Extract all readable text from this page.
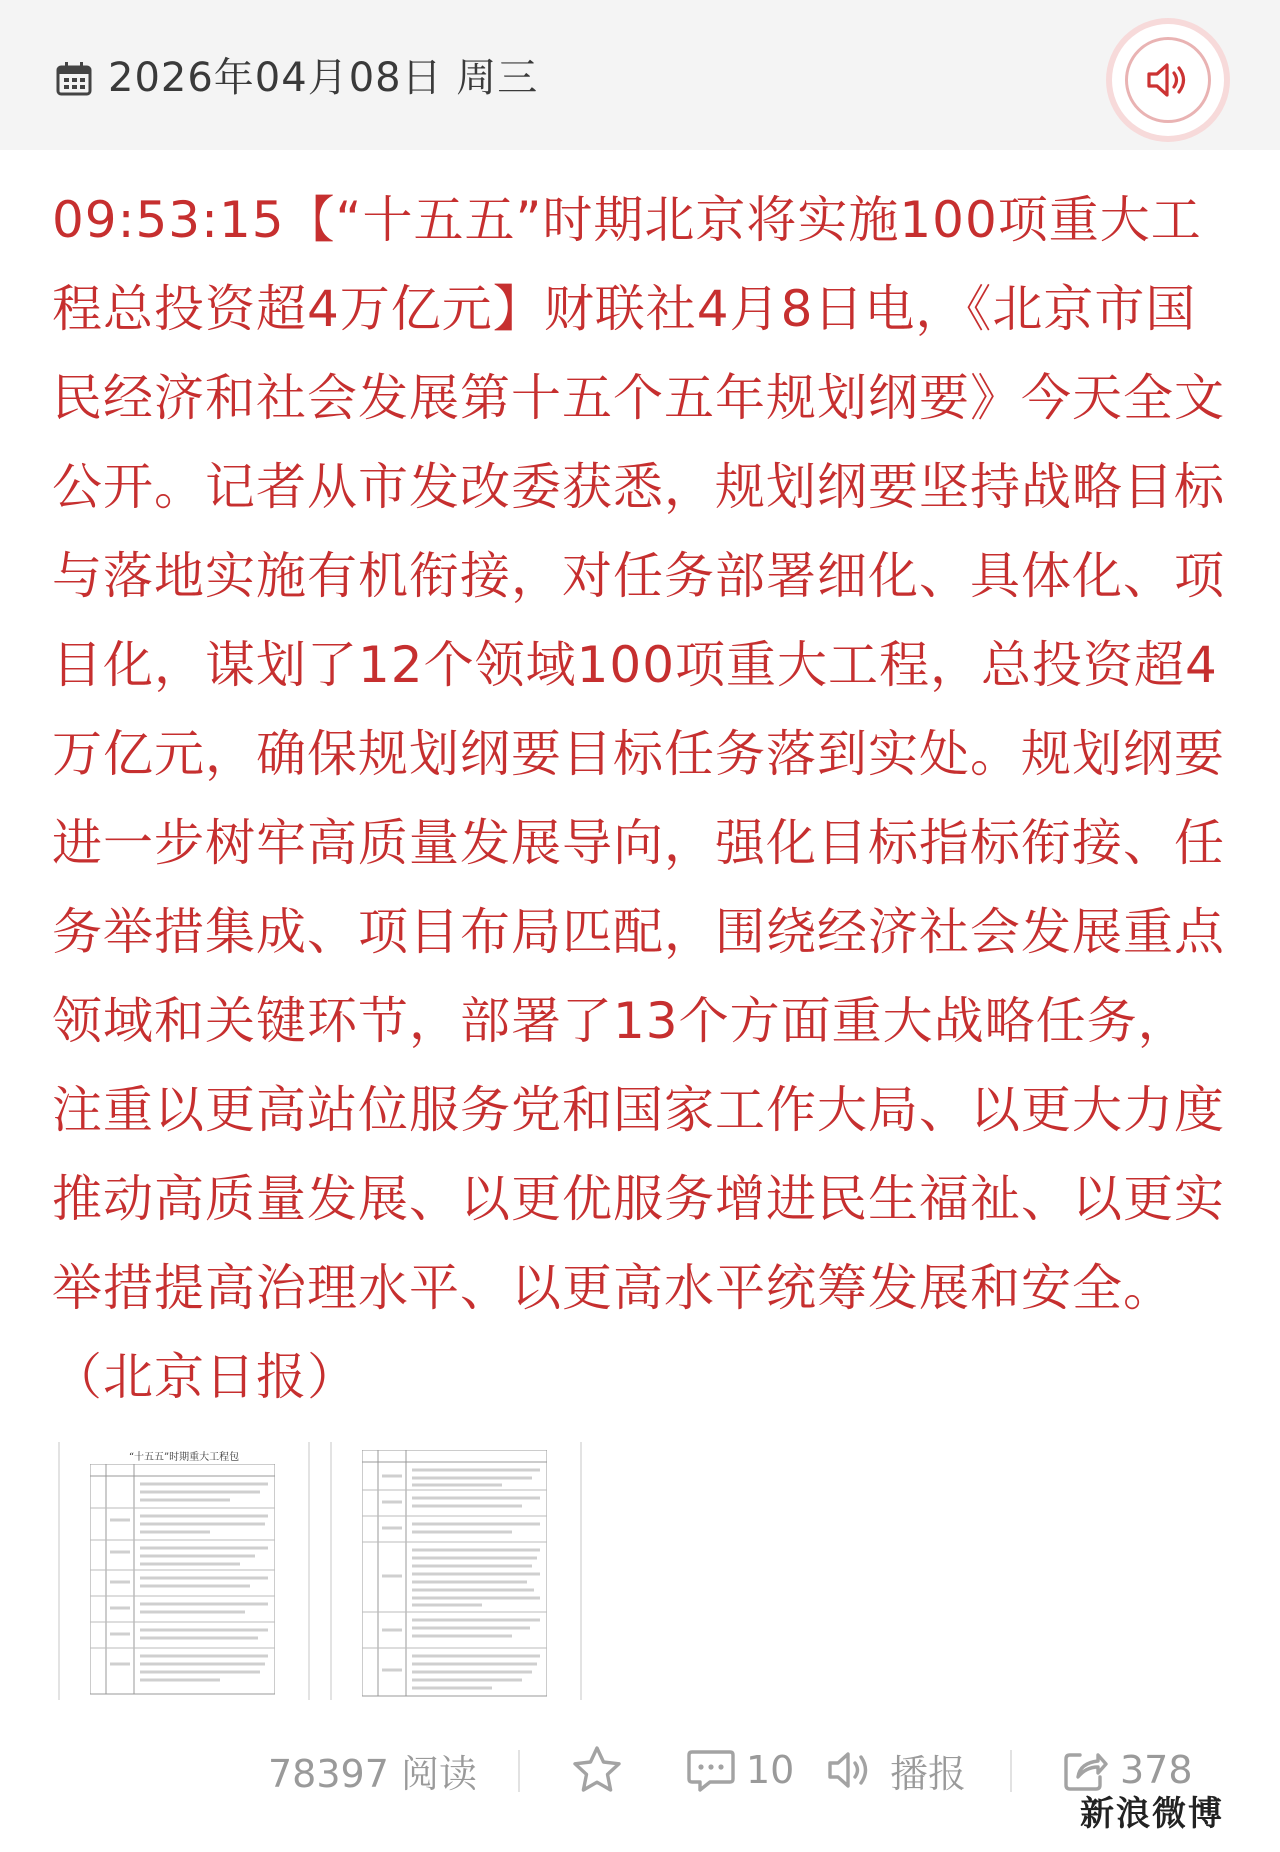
2026年04月08日 周三

09:53:15【“十五五”时期北京将实施100项重大工程总投资超4万亿元】财联社4月8日电，《北京市国民经济和社会发展第十五个五年规划纲要》今天全文公开。记者从市发改委获悉，规划纲要坚持战略目标与落地实施有机衔接，对任务部署细化、具体化、项目化，谋划了12个领域100项重大工程，总投资超4万亿元，确保规划纲要目标任务落到实处。规划纲要进一步树牢高质量发展导向，强化目标指标衔接、任务举措集成、项目布局匹配，围绕经济社会发展重点领域和关键环节，部署了13个方面重大战略任务，注重以更高站位服务党和国家工作大局、以更大力度推动高质量发展、以更优服务增进民生福祉、以更实举措提高治理水平、以更高水平统筹发展和安全。（北京日报）

“十五五”时期重大工程包
78397 阅读	10	播报	378
新浪微博
